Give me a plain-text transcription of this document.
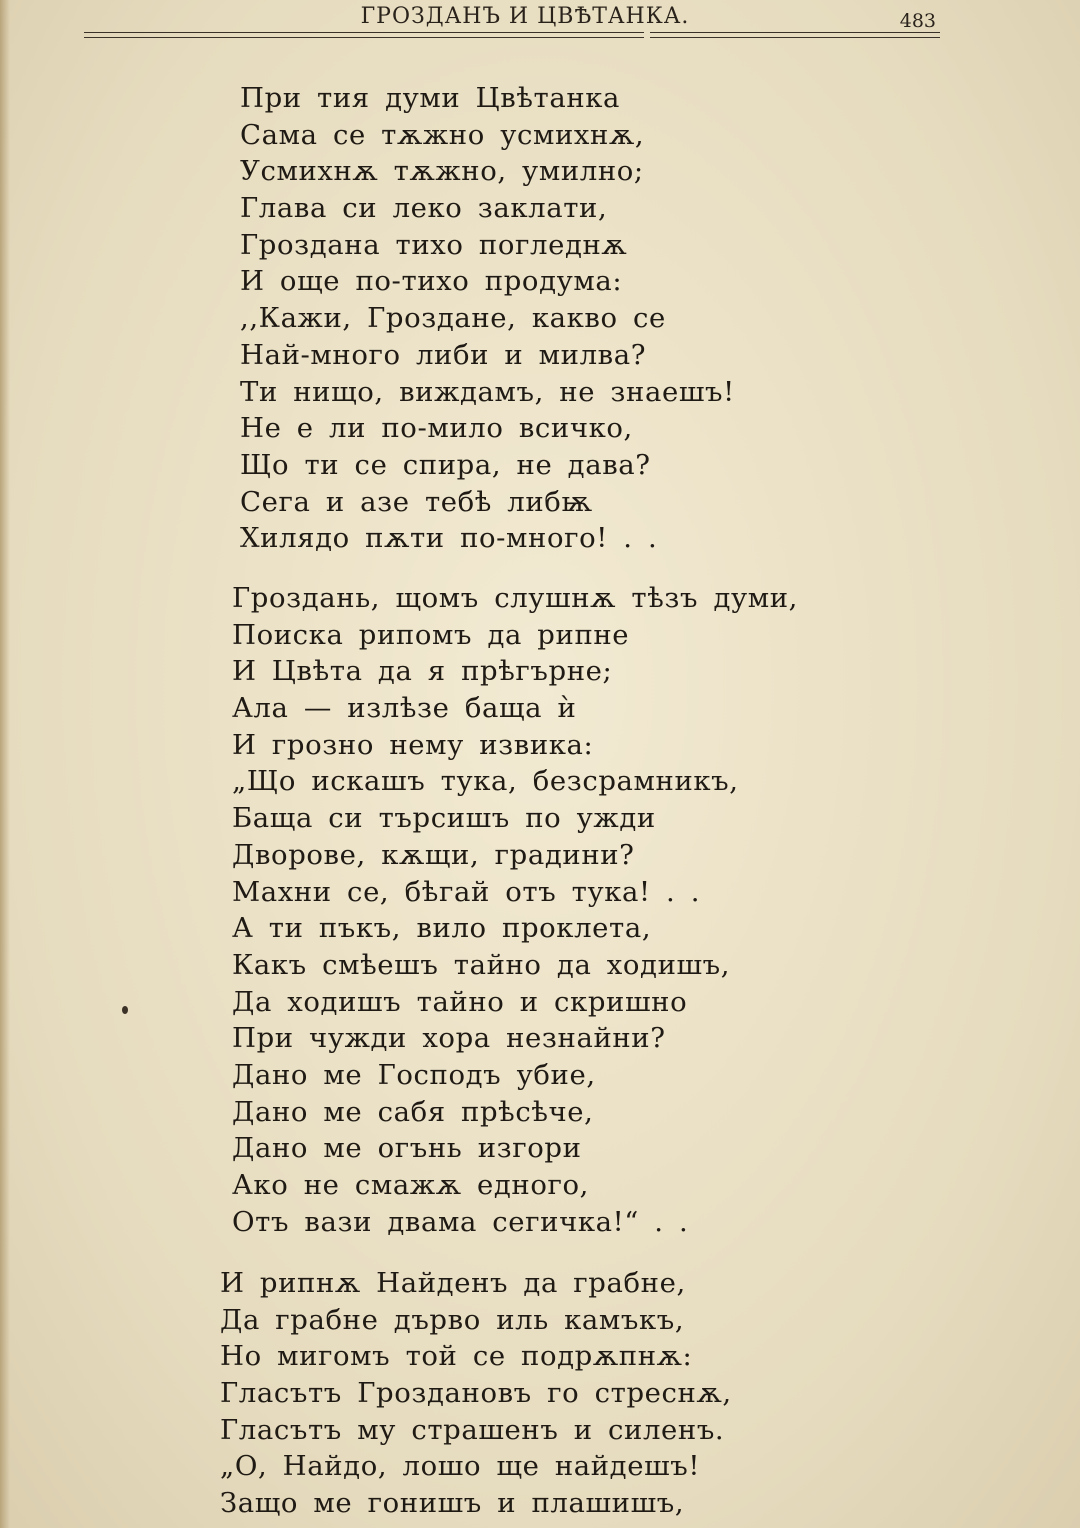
ГРОЗДАНЪ И ЦВѢТАНКА.	483
При тия думи Цвѣтанка
Сама се тѫжно усмихнѫ,
Усмихнѫ тѫжно, умилно;
Глава си леко заклати,
Грoздана тихо погледнѫ
И още по-тихо продума:
,,Кажи, Гроздане, какво се
Най-много либи и милва?
Ти нищо, виждамъ, не знаешъ!
Не е ли по-мило всичко,
Що ти се спира, не дава?
Сега и азе тебѣ либѭ
Хилядо пѫти по-много! . .
Гроздань, щомъ слушнѫ тѣзъ думи,
Поиска рипомъ да рипне
И Цвѣта да я прѣгърне;
Ала — излѣзе баща ѝ
И грозно нему извика:
„Що искашъ тука, безсрамникъ,
Баща си търсишъ по ужди
Дворове, кѫщи, градини?
Махни се, бѣгай отъ тука! . .
А ти пъкъ, вило проклета,
Какъ смѣешъ тайно да ходишъ,
Да ходишъ тайно и скришно
При чужди хора незнайни?
Дано ме Господъ убие,
Дано ме сабя прѣсѣче,
Дано ме огънь изгори
Ако не смажѫ едного,
Отъ вази двама сегичка!“ . .
И рипнѫ Найденъ да грабне,
Да грабне дърво иль камъкъ,
Но мигомъ той се подрѫпнѫ:
Гласътъ Грoздановъ го стреснѫ,
Гласътъ му страшенъ и силенъ.
„О, Найдо, лошо ще найдешъ!
Защо ме гонишъ и плашишъ,
